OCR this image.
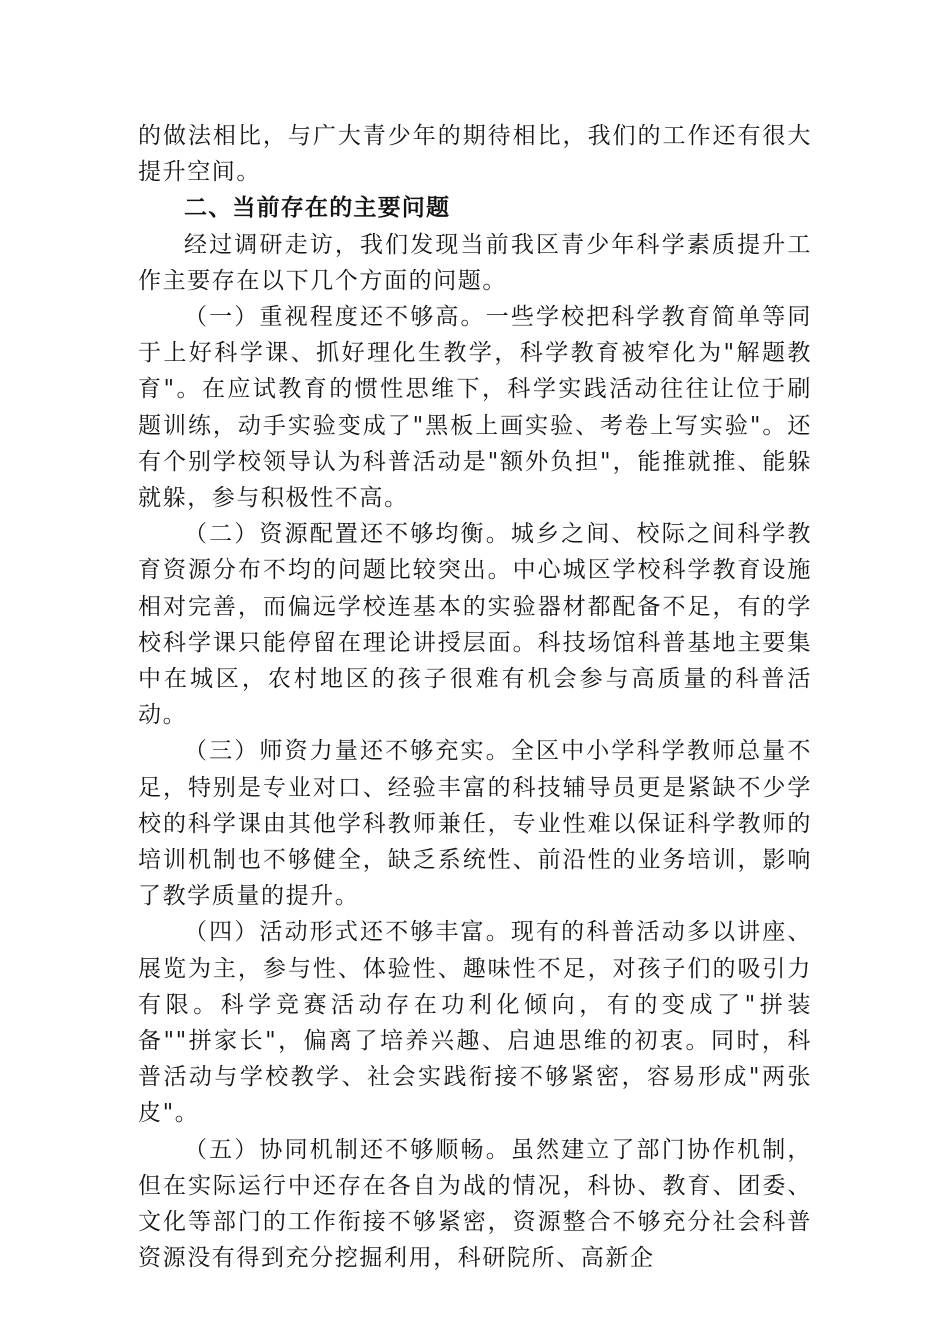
的做法相比，与广大青少年的期待相比，我们的工作还有很大提升空间。

二、当前存在的主要问题

经过调研走访，我们发现当前我区青少年科学素质提升工作主要存在以下几个方面的问题。

（一）重视程度还不够高。一些学校把科学教育简单等同于上好科学课、抓好理化生教学，科学教育被窄化为"解题教育"。在应试教育的惯性思维下，科学实践活动往往让位于刷题训练，动手实验变成了"黑板上画实验、考卷上写实验"。还有个别学校领导认为科普活动是"额外负担"，能推就推、能躲就躲，参与积极性不高。

（二）资源配置还不够均衡。城乡之间、校际之间科学教育资源分布不均的问题比较突出。中心城区学校科学教育设施相对完善，而偏远学校连基本的实验器材都配备不足，有的学校科学课只能停留在理论讲授层面。科技场馆科普基地主要集中在城区，农村地区的孩子很难有机会参与高质量的科普活动。

（三）师资力量还不够充实。全区中小学科学教师总量不足，特别是专业对口、经验丰富的科技辅导员更是紧缺不少学校的科学课由其他学科教师兼任，专业性难以保证科学教师的培训机制也不够健全，缺乏系统性、前沿性的业务培训，影响了教学质量的提升。

（四）活动形式还不够丰富。现有的科普活动多以讲座、展览为主，参与性、体验性、趣味性不足，对孩子们的吸引力有限。科学竞赛活动存在功利化倾向，有的变成了"拼装备""拼家长"，偏离了培养兴趣、启迪思维的初衷。同时，科普活动与学校教学、社会实践衔接不够紧密，容易形成"两张皮"。

（五）协同机制还不够顺畅。虽然建立了部门协作机制，但在实际运行中还存在各自为战的情况，科协、教育、团委、文化等部门的工作衔接不够紧密，资源整合不够充分社会科普资源没有得到充分挖掘利用，科研院所、高新企
